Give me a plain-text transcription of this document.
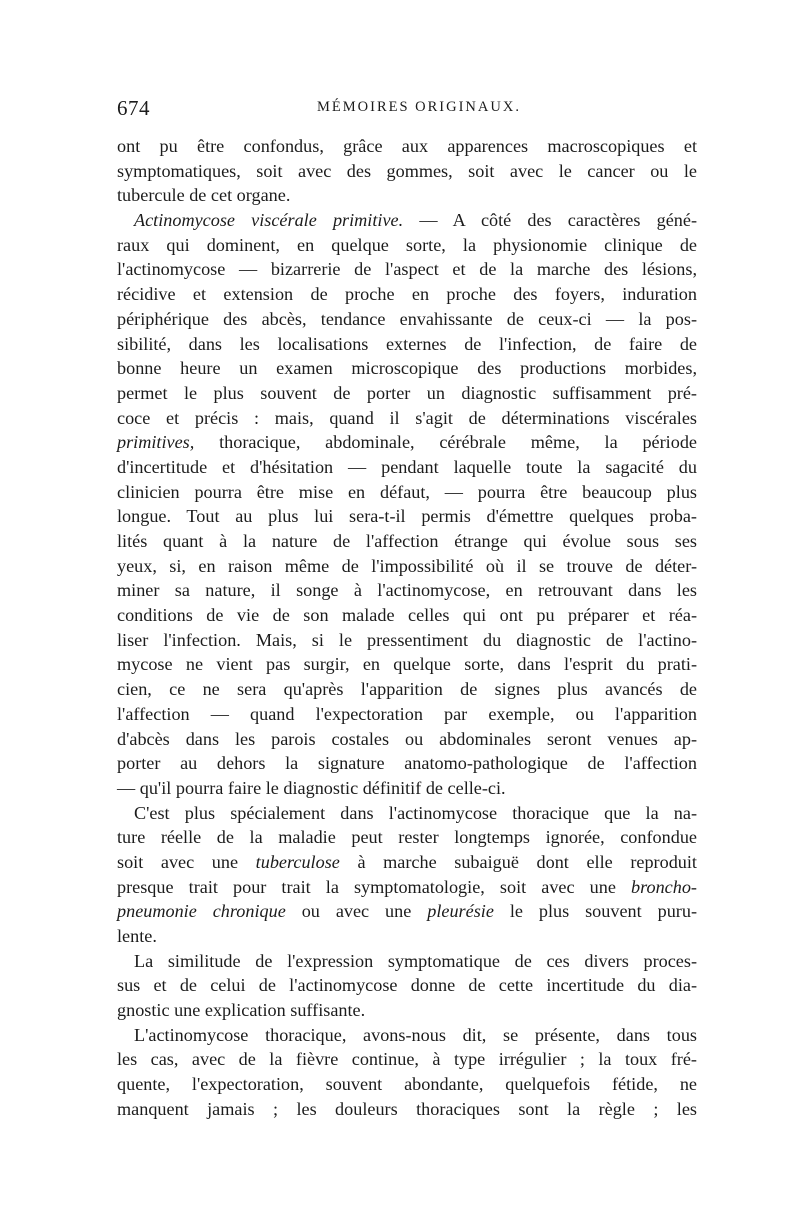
674	MÉMOIRES ORIGINAUX.
ont pu être confondus, grâce aux apparences macroscopiques et
symptomatiques, soit avec des gommes, soit avec le cancer ou le
tubercule de cet organe.
Actinomycose viscérale primitive. — A côté des caractères géné-
raux qui dominent, en quelque sorte, la physionomie clinique de
l'actinomycose — bizarrerie de l'aspect et de la marche des lésions,
récidive et extension de proche en proche des foyers, induration
périphérique des abcès, tendance envahissante de ceux-ci — la pos-
sibilité, dans les localisations externes de l'infection, de faire de
bonne heure un examen microscopique des productions morbides,
permet le plus souvent de porter un diagnostic suffisamment pré-
coce et précis : mais, quand il s'agit de déterminations viscérales
primitives, thoracique, abdominale, cérébrale même, la période
d'incertitude et d'hésitation — pendant laquelle toute la sagacité du
clinicien pourra être mise en défaut, — pourra être beaucoup plus
longue. Tout au plus lui sera-t-il permis d'émettre quelques proba-
lités quant à la nature de l'affection étrange qui évolue sous ses
yeux, si, en raison même de l'impossibilité où il se trouve de déter-
miner sa nature, il songe à l'actinomycose, en retrouvant dans les
conditions de vie de son malade celles qui ont pu préparer et réa-
liser l'infection. Mais, si le pressentiment du diagnostic de l'actino-
mycose ne vient pas surgir, en quelque sorte, dans l'esprit du prati-
cien, ce ne sera qu'après l'apparition de signes plus avancés de
l'affection — quand l'expectoration par exemple, ou l'apparition
d'abcès dans les parois costales ou abdominales seront venues ap-
porter au dehors la signature anatomo-pathologique de l'affection
— qu'il pourra faire le diagnostic définitif de celle-ci.
C'est plus spécialement dans l'actinomycose thoracique que la na-
ture réelle de la maladie peut rester longtemps ignorée, confondue
soit avec une tuberculose à marche subaiguë dont elle reproduit
presque trait pour trait la symptomatologie, soit avec une broncho-
pneumonie chronique ou avec une pleurésie le plus souvent puru-
lente.
La similitude de l'expression symptomatique de ces divers proces-
sus et de celui de l'actinomycose donne de cette incertitude du dia-
gnostic une explication suffisante.
L'actinomycose thoracique, avons-nous dit, se présente, dans tous
les cas, avec de la fièvre continue, à type irrégulier ; la toux fré-
quente, l'expectoration, souvent abondante, quelquefois fétide, ne
manquent jamais ; les douleurs thoraciques sont la règle ; les
